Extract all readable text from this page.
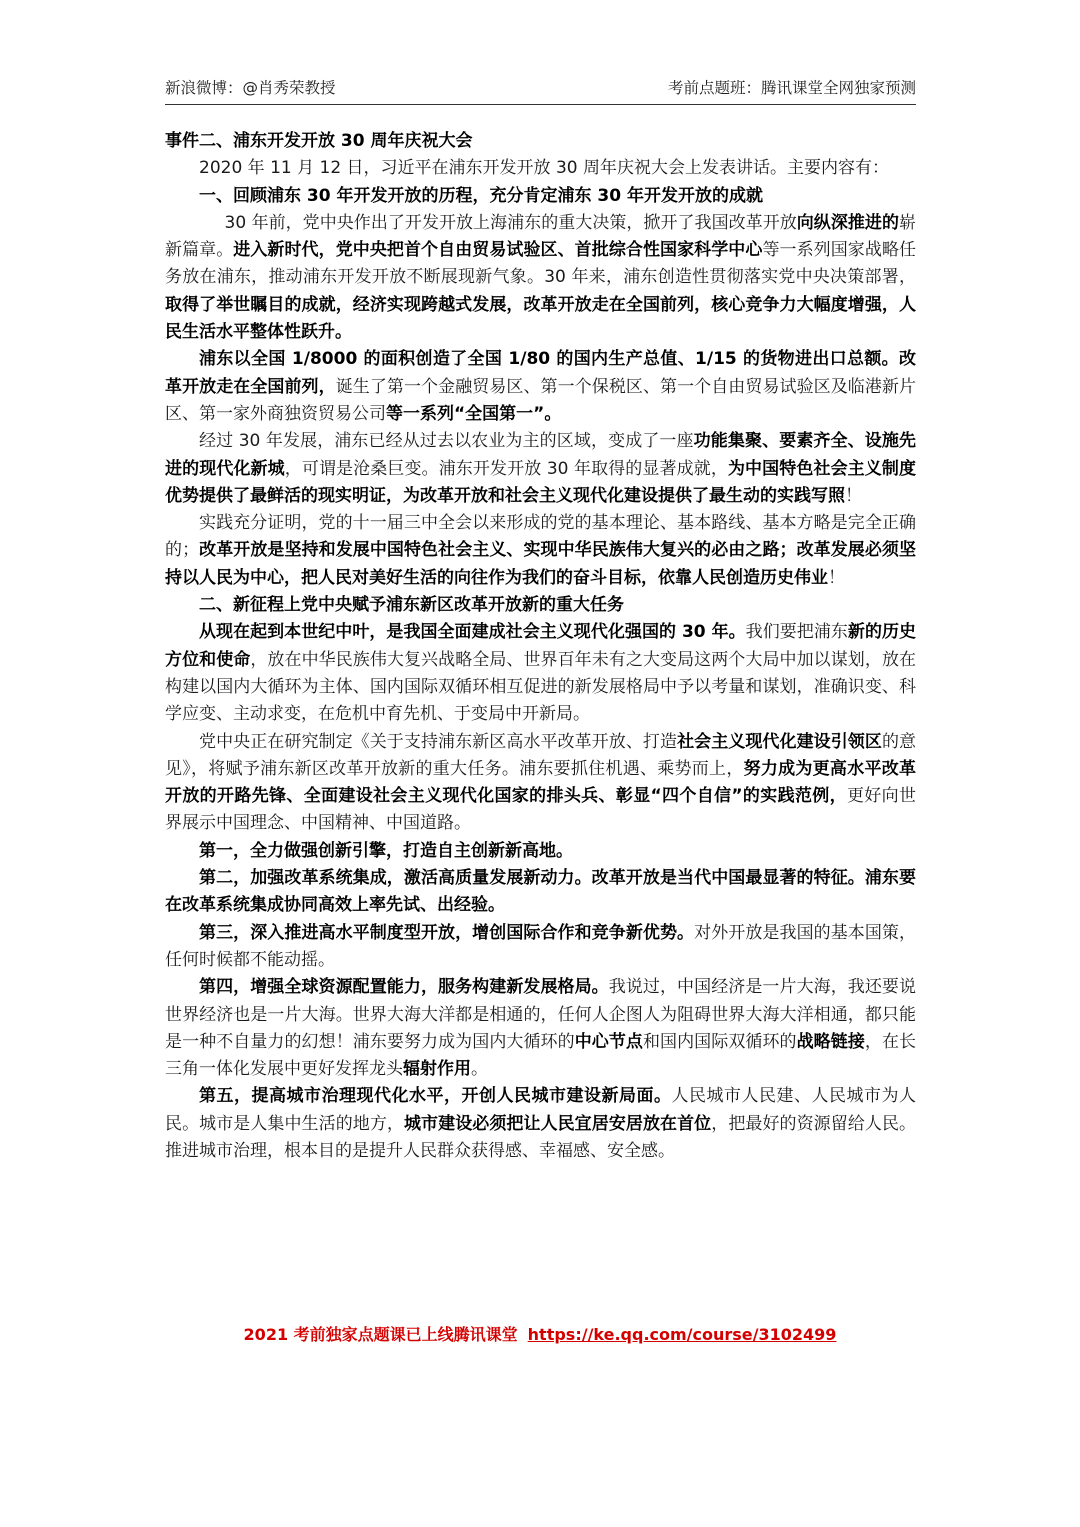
新浪微博：@肖秀荣教授	考前点题班：腾讯课堂全网独家预测

事件二、浦东开发开放 30 周年庆祝大会

2020 年 11 月 12 日，习近平在浦东开发开放 30 周年庆祝大会上发表讲话。主要内容有：

一、回顾浦东 30 年开发开放的历程，充分肯定浦东 30 年开发开放的成就

30 年前，党中央作出了开发开放上海浦东的重大决策，掀开了我国改革开放向纵深推进的崭新篇章。进入新时代，党中央把首个自由贸易试验区、首批综合性国家科学中心等一系列国家战略任务放在浦东，推动浦东开发开放不断展现新气象。30 年来，浦东创造性贯彻落实党中央决策部署，取得了举世瞩目的成就，经济实现跨越式发展，改革开放走在全国前列，核心竞争力大幅度增强，人民生活水平整体性跃升。

浦东以全国 1/8000 的面积创造了全国 1/80 的国内生产总值、1/15 的货物进出口总额。改革开放走在全国前列，诞生了第一个金融贸易区、第一个保税区、第一个自由贸易试验区及临港新片区、第一家外商独资贸易公司等一系列“全国第一”。

经过 30 年发展，浦东已经从过去以农业为主的区域，变成了一座功能集聚、要素齐全、设施先进的现代化新城，可谓是沧桑巨变。浦东开发开放 30 年取得的显著成就，为中国特色社会主义制度优势提供了最鲜活的现实明证，为改革开放和社会主义现代化建设提供了最生动的实践写照！

实践充分证明，党的十一届三中全会以来形成的党的基本理论、基本路线、基本方略是完全正确的；改革开放是坚持和发展中国特色社会主义、实现中华民族伟大复兴的必由之路；改革发展必须坚持以人民为中心，把人民对美好生活的向往作为我们的奋斗目标，依靠人民创造历史伟业！

二、新征程上党中央赋予浦东新区改革开放新的重大任务

从现在起到本世纪中叶，是我国全面建成社会主义现代化强国的 30 年。我们要把浦东新的历史方位和使命，放在中华民族伟大复兴战略全局、世界百年未有之大变局这两个大局中加以谋划，放在构建以国内大循环为主体、国内国际双循环相互促进的新发展格局中予以考量和谋划，准确识变、科学应变、主动求变，在危机中育先机、于变局中开新局。

党中央正在研究制定《关于支持浦东新区高水平改革开放、打造社会主义现代化建设引领区的意见》，将赋予浦东新区改革开放新的重大任务。浦东要抓住机遇、乘势而上，努力成为更高水平改革开放的开路先锋、全面建设社会主义现代化国家的排头兵、彰显“四个自信”的实践范例，更好向世界展示中国理念、中国精神、中国道路。

第一，全力做强创新引擎，打造自主创新新高地。

第二，加强改革系统集成，激活高质量发展新动力。改革开放是当代中国最显著的特征。浦东要在改革系统集成协同高效上率先试、出经验。

第三，深入推进高水平制度型开放，增创国际合作和竞争新优势。对外开放是我国的基本国策，任何时候都不能动摇。

第四，增强全球资源配置能力，服务构建新发展格局。我说过，中国经济是一片大海，我还要说世界经济也是一片大海。世界大海大洋都是相通的，任何人企图人为阻碍世界大海大洋相通，都只能是一种不自量力的幻想！浦东要努力成为国内大循环的中心节点和国内国际双循环的战略链接，在长三角一体化发展中更好发挥龙头辐射作用。

第五，提高城市治理现代化水平，开创人民城市建设新局面。人民城市人民建、人民城市为人民。城市是人集中生活的地方，城市建设必须把让人民宜居安居放在首位，把最好的资源留给人民。推进城市治理，根本目的是提升人民群众获得感、幸福感、安全感。

2021 考前独家点题课已上线腾讯课堂 https://ke.qq.com/course/3102499
